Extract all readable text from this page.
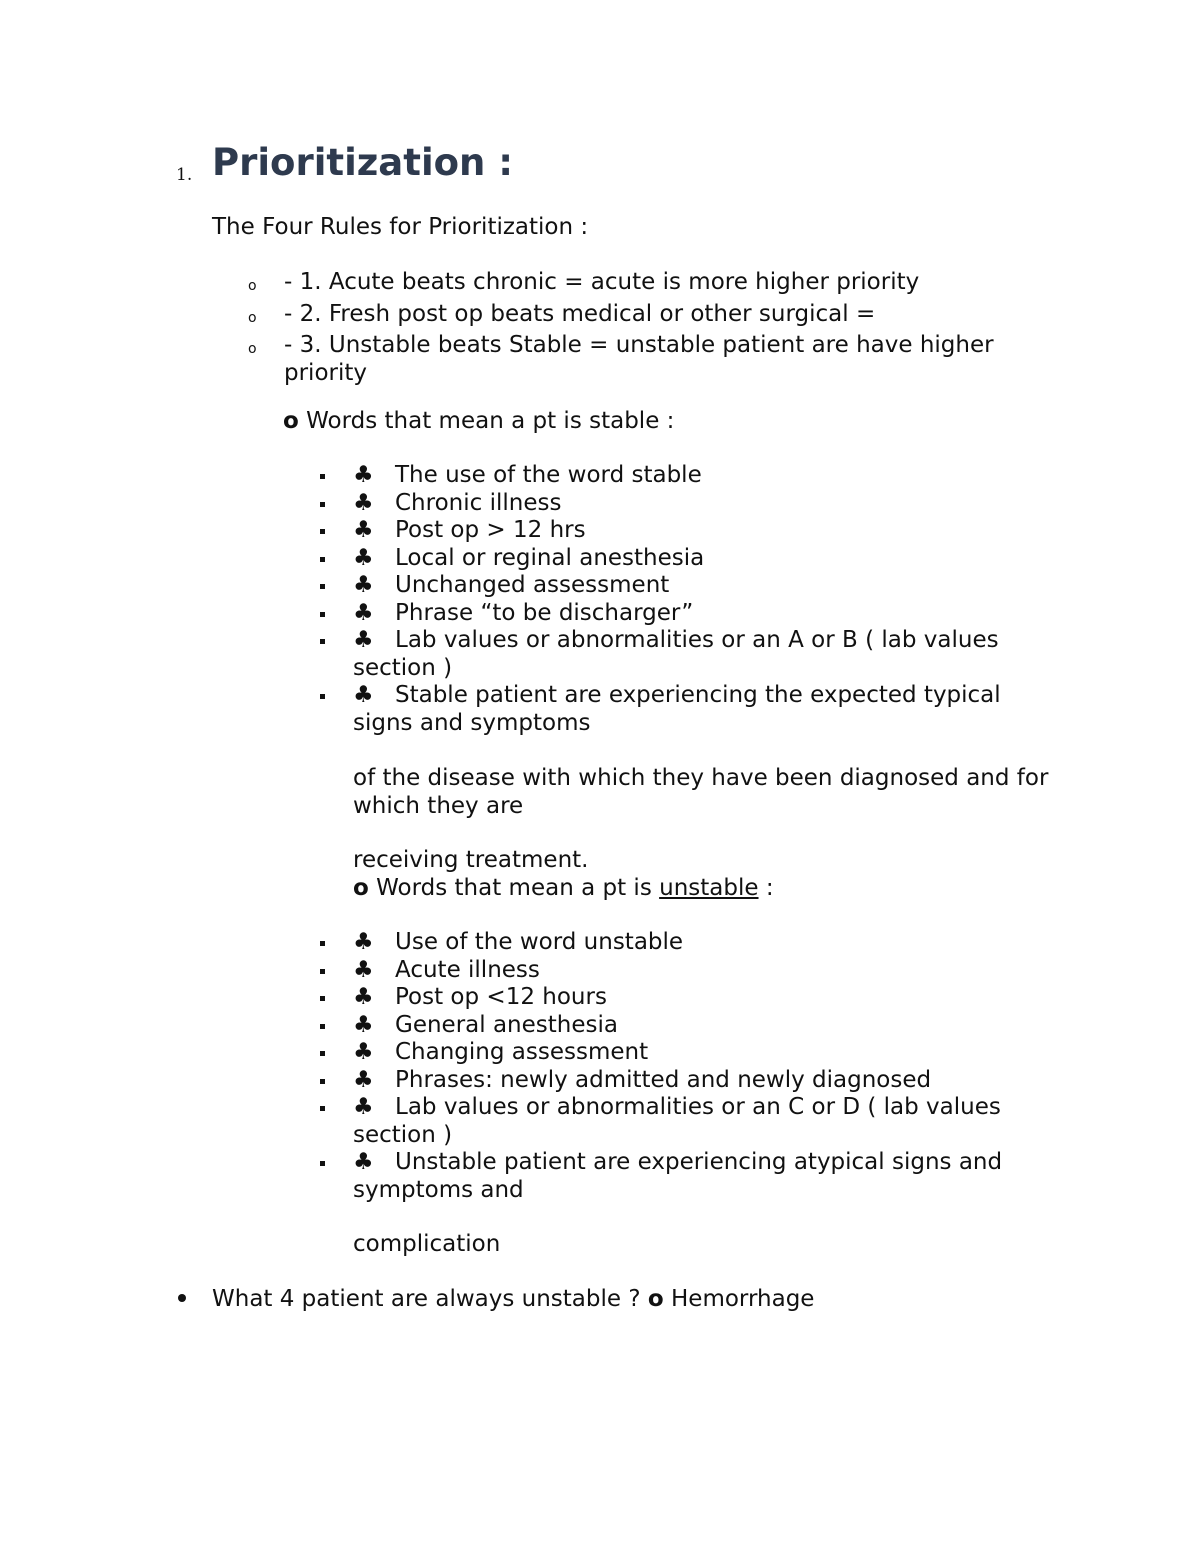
1. Prioritization :
The Four Rules for Prioritization :
o	- 1. Acute beats chronic = acute is more higher priority
o	- 2. Fresh post op beats medical or other surgical =
o	- 3. Unstable beats Stable = unstable patient are have higher priority
o Words that mean a pt is stable :
♣ The use of the word stable
♣ Chronic illness
♣ Post op > 12 hrs
♣ Local or reginal anesthesia
♣ Unchanged assessment
♣ Phrase “to be discharger”
♣ Lab values or abnormalities or an A or B ( lab values section )
♣ Stable patient are experiencing the expected typical signs and symptoms
of the disease with which they have been diagnosed and for which they are
receiving treatment.
o Words that mean a pt is unstable :
♣ Use of the word unstable
♣ Acute illness
♣ Post op <12 hours
♣ General anesthesia
♣ Changing assessment
♣ Phrases: newly admitted and newly diagnosed
♣ Lab values or abnormalities or an C or D ( lab values section )
♣ Unstable patient are experiencing atypical signs and symptoms and
complication
What 4 patient are always unstable ? o Hemorrhage
